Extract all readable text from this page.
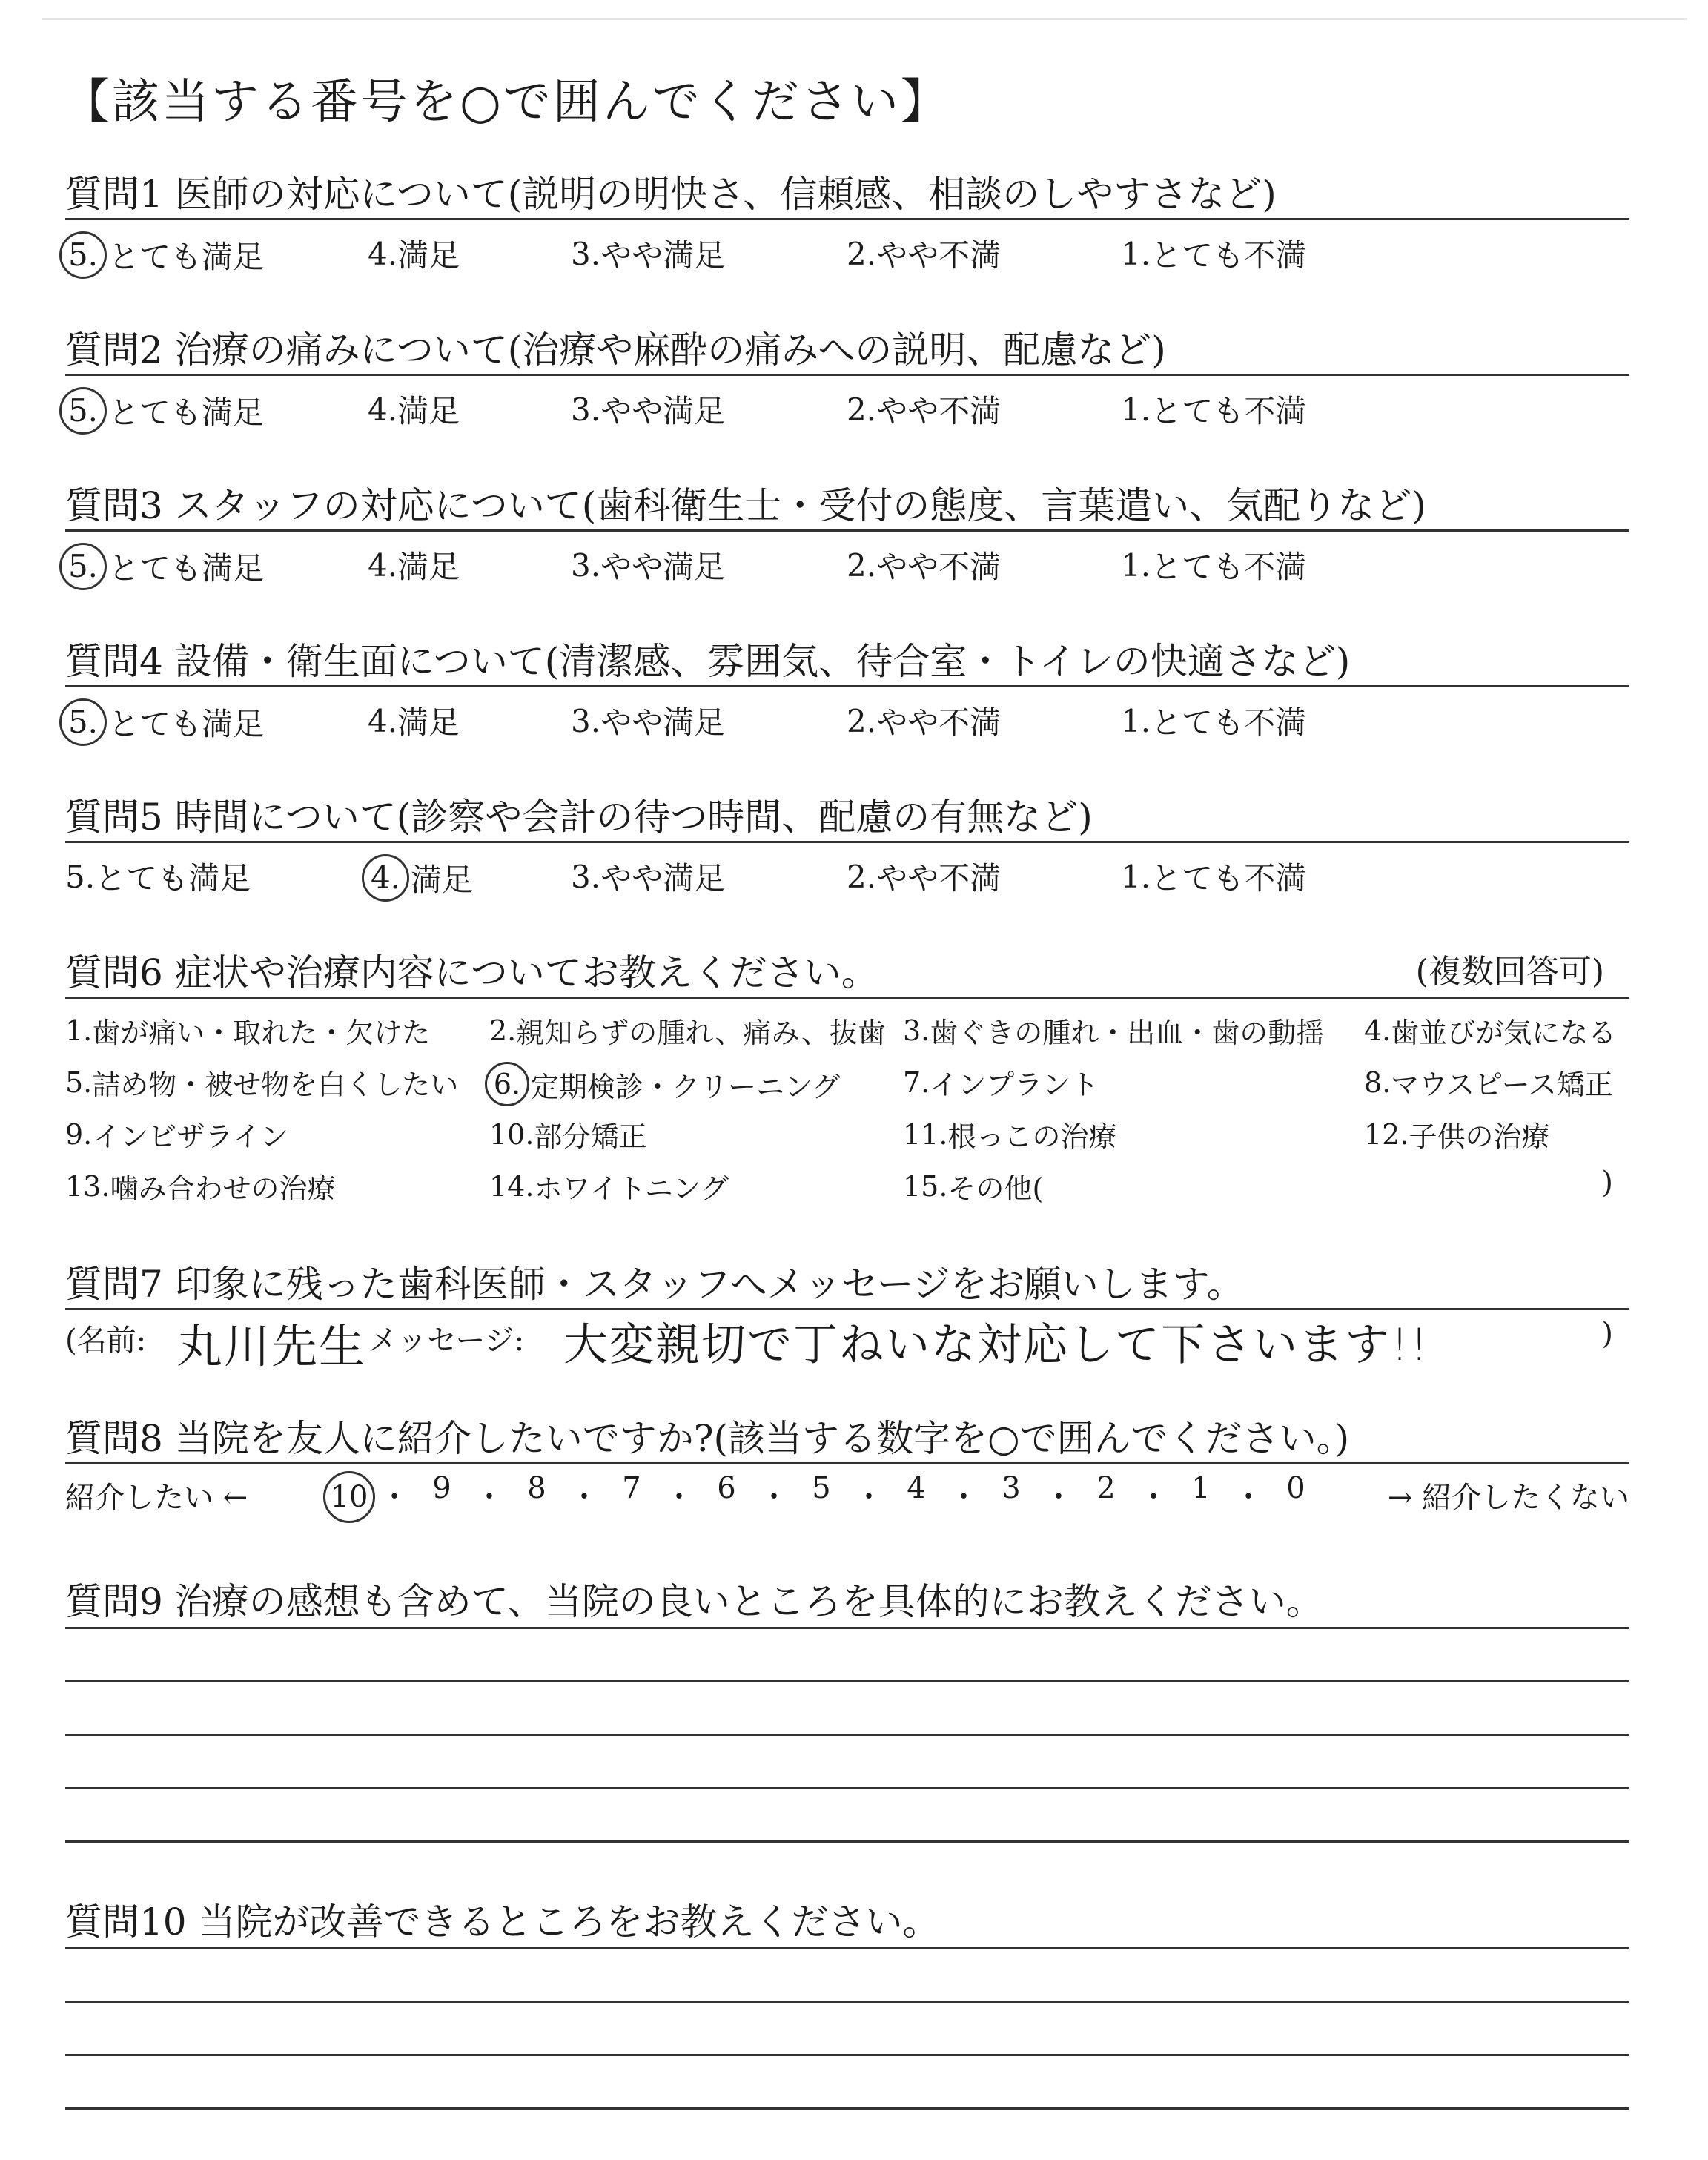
【該当する番号を○で囲んでください】
質問1 医師の対応について(説明の明快さ、信頼感、相談のしやすさなど)
5. とても満足	4. 満足	3. やや満足	2. やや不満	1. とても不満
質問2 治療の痛みについて(治療や麻酔の痛みへの説明、配慮など)
5. とても満足	4. 満足	3. やや満足	2. やや不満	1. とても不満
質問3 スタッフの対応について(歯科衛生士・受付の態度、言葉遣い、気配りなど)
5. とても満足	4. 満足	3. やや満足	2. やや不満	1. とても不満
質問4 設備・衛生面について(清潔感、雰囲気、待合室・トイレの快適さなど)
5. とても満足	4. 満足	3. やや満足	2. やや不満	1. とても不満
質問5 時間について(診察や会計の待つ時間、配慮の有無など)
5. とても満足	4. 満足	3. やや満足	2. やや不満	1. とても不満
質問6 症状や治療内容についてお教えください。	(複数回答可)
1. 歯が痛い・取れた・欠けた 2. 親知らずの腫れ、痛み、抜歯 3. 歯ぐきの腫れ・出血・歯の動揺 4. 歯並びが気になる
5. 詰め物・被せ物を白くしたい	6. 定期検診・クリーニング 7. インプラント	8. マウスピース矯正
9. インビザライン	10. 部分矯正	11. 根っこの治療	12. 子供の治療
13. 噛み合わせの治療	14. ホワイトニング	15. その他(	)
質問7 印象に残った歯科医師・スタッフへメッセージをお願いします。
(名前: 丸川先生 メッセージ: 大変親切で丁ねいな対応して下さいます!!	)
質問8 当院を友人に紹介したいですか?(該当する数字を○で囲んでください。)
紹介したい ←	→ 紹介したくない
10 ・ 9 ・ 8 ・ 7 ・ 6 ・ 5 ・ 4 ・ 3 ・ 2 ・ 1 ・ 0
質問9 治療の感想も含めて、当院の良いところを具体的にお教えください。
質問10 当院が改善できるところをお教えください。
